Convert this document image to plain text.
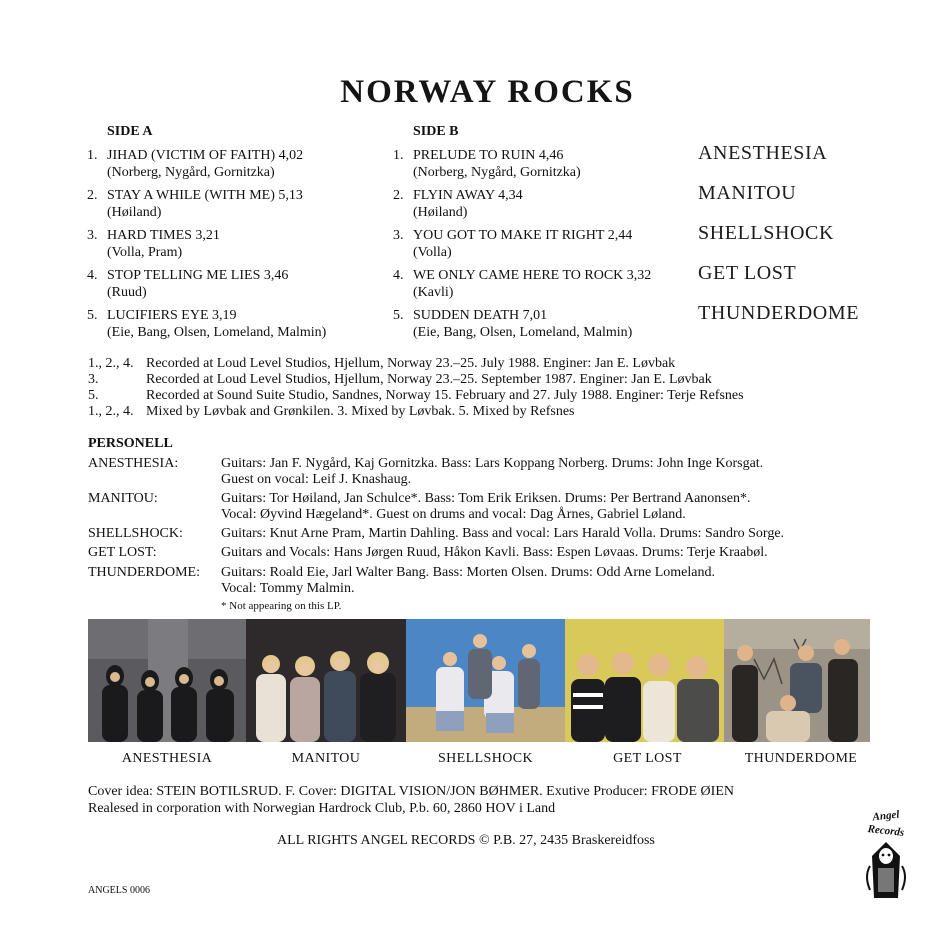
NORWAY ROCKS
SIDE A	SIDE B
1. JIHAD (VICTIM OF FAITH) 4,02
(Norberg, Nygård, Gornitzka)
2. STAY A WHILE (WITH ME) 5,13
(Høiland)
3. HARD TIMES 3,21
(Volla, Pram)
4. STOP TELLING ME LIES 3,46
(Ruud)
5. LUCIFIERS EYE 3,19
(Eie, Bang, Olsen, Lomeland, Malmin)
1. PRELUDE TO RUIN 4,46
(Norberg, Nygård, Gornitzka)
2. FLYIN AWAY 4,34
(Høiland)
3. YOU GOT TO MAKE IT RIGHT 2,44
(Volla)
4. WE ONLY CAME HERE TO ROCK 3,32
(Kavli)
5. SUDDEN DEATH 7,01
(Eie, Bang, Olsen, Lomeland, Malmin)
ANESTHESIA
MANITOU
SHELLSHOCK
GET LOST
THUNDERDOME
1., 2., 4. Recorded at Loud Level Studios, Hjellum, Norway 23.–25. July 1988. Enginer: Jan E. Løvbak
3.	Recorded at Loud Level Studios, Hjellum, Norway 23.–25. September 1987. Enginer: Jan E. Løvbak
5.	Recorded at Sound Suite Studio, Sandnes, Norway 15. February and 27. July 1988. Enginer: Terje Refsnes
1., 2., 4. Mixed by Løvbak and Grønkilen. 3. Mixed by Løvbak. 5. Mixed by Refsnes
PERSONELL
ANESTHESIA:	Guitars: Jan F. Nygård, Kaj Gornitzka. Bass: Lars Koppang Norberg. Drums: John Inge Korsgat.
Guest on vocal: Leif J. Knashaug.
MANITOU:	Guitars: Tor Høiland, Jan Schulce*. Bass: Tom Erik Eriksen. Drums: Per Bertrand Aanonsen*.
Vocal: Øyvind Hægeland*. Guest on drums and vocal: Dag Årnes, Gabriel Løland.
SHELLSHOCK:	Guitars: Knut Arne Pram, Martin Dahling. Bass and vocal: Lars Harald Volla. Drums: Sandro Sorge.
GET LOST:	Guitars and Vocals: Hans Jørgen Ruud, Håkon Kavli. Bass: Espen Løvaas. Drums: Terje Kraabøl.
THUNDERDOME: Guitars: Roald Eie, Jarl Walter Bang. Bass: Morten Olsen. Drums: Odd Arne Lomeland.
Vocal: Tommy Malmin.
* Not appearing on this LP.
ANESTHESIA	MANITOU	SHELLSHOCK	GET LOST	THUNDERDOME
Cover idea: STEIN BOTILSRUD. F. Cover: DIGITAL VISION/JON BØHMER. Exutive Producer: FRODE ØIEN
Realesed in corporation with Norwegian Hardrock Club, P.b. 60, 2860 HOV i Land
ALL RIGHTS ANGEL RECORDS © P.B. 27, 2435 Braskereidfoss
ANGELS 0006
Angel
Records
